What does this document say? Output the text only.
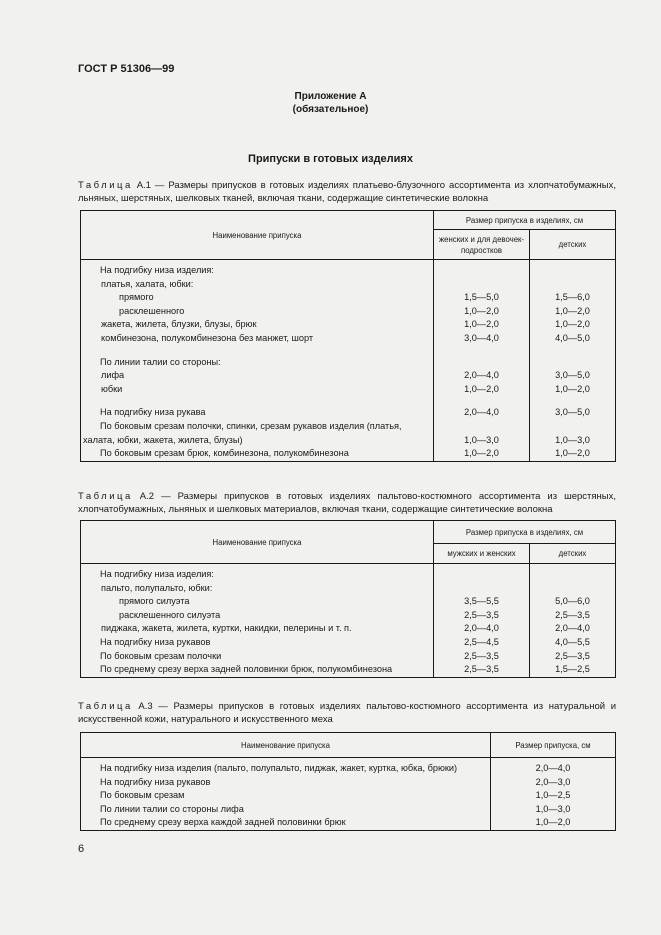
ГОСТ Р 51306—99
Приложение А
(обязательное)
Припуски в готовых изделиях
Таблица А.1 — Размеры припусков в готовых изделиях платьево-блузочного ассортимента из хлопчатобумажных, льняных, шерстяных, шелковых тканей, включая ткани, содержащие синтетические волокна
Наименование припуска	Размер припуска в изделиях, см	
	женских и для девочек-подростков	детских
На подгибку низа изделия:		
платья, халата, юбки:		
прямого	1,5—5,0	1,5—6,0
расклешенного	1,0—2,0	1,0—2,0
жакета, жилета, блузки, блузы, брюк	1,0—2,0	1,0—2,0
комбинезона, полукомбинезона без манжет, шорт	3,0—4,0	4,0—5,0

По линии талии со стороны:		
лифа	2,0—4,0	3,0—5,0
юбки	1,0—2,0	1,0—2,0

На подгибку низа рукава	2,0—4,0	3,0—5,0
По боковым срезам полочки, спинки, срезам рукавов изделия (платья,		
халата, юбки, жакета, жилета, блузы)	1,0—3,0	1,0—3,0
По боковым срезам брюк, комбинезона, полукомбинезона	1,0—2,0	1,0—2,0
Таблица А.2 — Размеры припусков в готовых изделиях пальтово-костюмного ассортимента из шерстяных, хлопчатобумажных, льняных и шелковых материалов, включая ткани, содержащие синтетические волокна
Наименование припуска	Размер припуска в изделиях, см	
	мужских и женских	детских
На подгибку низа изделия:		
пальто, полупальто, юбки:		
прямого силуэта	3,5—5,5	5,0—6,0
расклешенного силуэта	2,5—3,5	2,5—3,5
пиджака, жакета, жилета, куртки, накидки, пелерины и т. п.	2,0—4,0	2,0—4,0
На подгибку низа рукавов	2,5—4,5	4,0—5,5
По боковым срезам полочки	2,5—3,5	2,5—3,5
По среднему срезу верха задней половинки брюк, полукомбинезона	2,5—3,5	1,5—2,5
Таблица А.3 — Размеры припусков в готовых изделиях пальтово-костюмного ассортимента из натуральной и искусственной кожи, натурального и искусственного меха
Наименование припуска	Размер припуска, см
На подгибку низа изделия (пальто, полупальто, пиджак, жакет, куртка, юбка, брюки)	2,0—4,0
На подгибку низа рукавов	2,0—3,0
По боковым срезам	1,0—2,5
По линии талии со стороны лифа	1,0—3,0
По среднему срезу верха каждой задней половинки брюк	1,0—2,0
6
